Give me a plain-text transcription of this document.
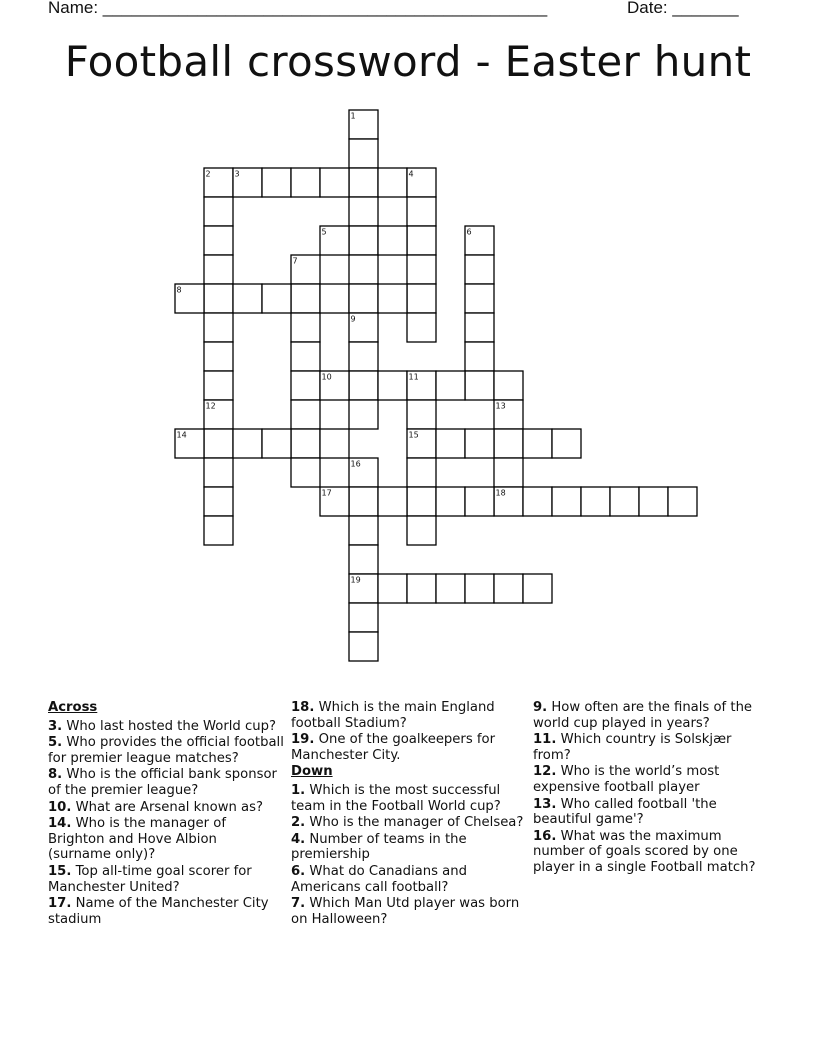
Name: _______________________________________________	Date: _______
Football crossword - Easter hunt
1
2	3	4
5	6
7
8
9
10	11
12	13
14	15
16
17	18
19
Across
3. Who last hosted the World cup?
5. Who provides the official football for premier league matches?
8. Who is the official bank sponsor of the premier league?
10. What are Arsenal known as?
14. Who is the manager of Brighton and Hove Albion (surname only)?
15. Top all-time goal scorer for Manchester United?
17. Name of the Manchester City stadium
18. Which is the main England football Stadium?
19. One of the goalkeepers for Manchester City.
Down
1. Which is the most successful team in the Football World cup?
2. Who is the manager of Chelsea?
4. Number of teams in the premiership
6. What do Canadians and Americans call football?
7. Which Man Utd player was born on Halloween?
9. How often are the finals of the world cup played in years?
11. Which country is Solskjær from?
12. Who is the world’s most expensive football player
13. Who called football 'the beautiful game'?
16. What was the maximum number of goals scored by one player in a single Football match?
